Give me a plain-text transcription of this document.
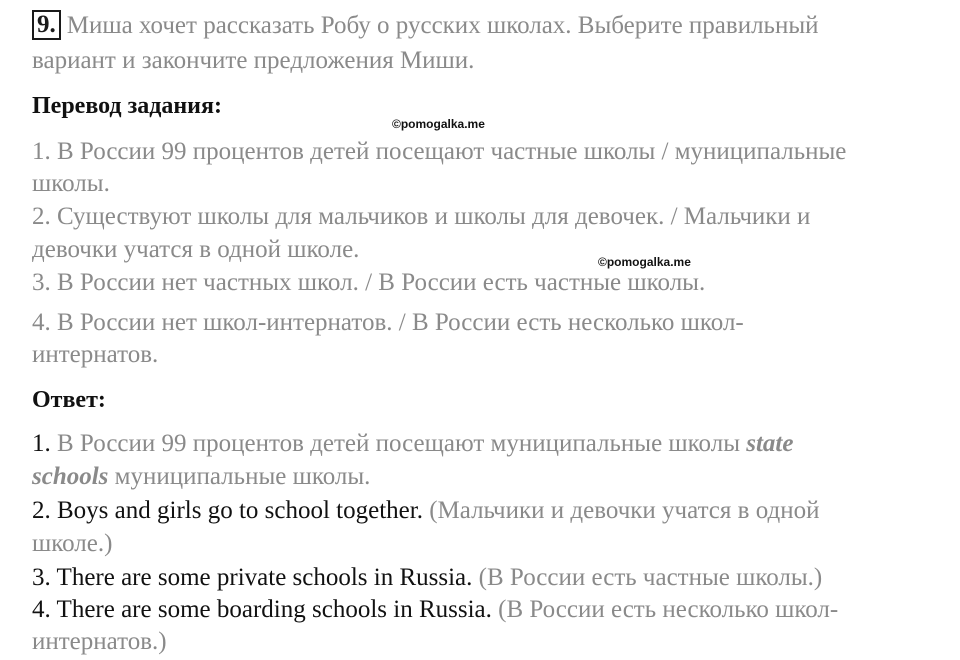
9. Миша хочет рассказать Робу о русских школах. Выберите правильный
вариант и закончите предложения Миши.
Перевод задания:
©pomogalka.me
1. В России 99 процентов детей посещают частные школы / муниципальные
школы.
2. Существуют школы для мальчиков и школы для девочек. / Мальчики и
девочки учатся в одной школе.	©pomogalka.me
3. В России нет частных школ. / В России есть частные школы.
4. В России нет школ-интернатов. / В России есть несколько школ-
интернатов.
Ответ:
1. В России 99 процентов детей посещают муниципальные школы state
schools муниципальные школы.
2. Boys and girls go to school together. (Мальчики и девочки учатся в одной
школе.)
3. There are some private schools in Russia. (В России есть частные школы.)
4. There are some boarding schools in Russia. (В России есть несколько школ-
интернатов.)
